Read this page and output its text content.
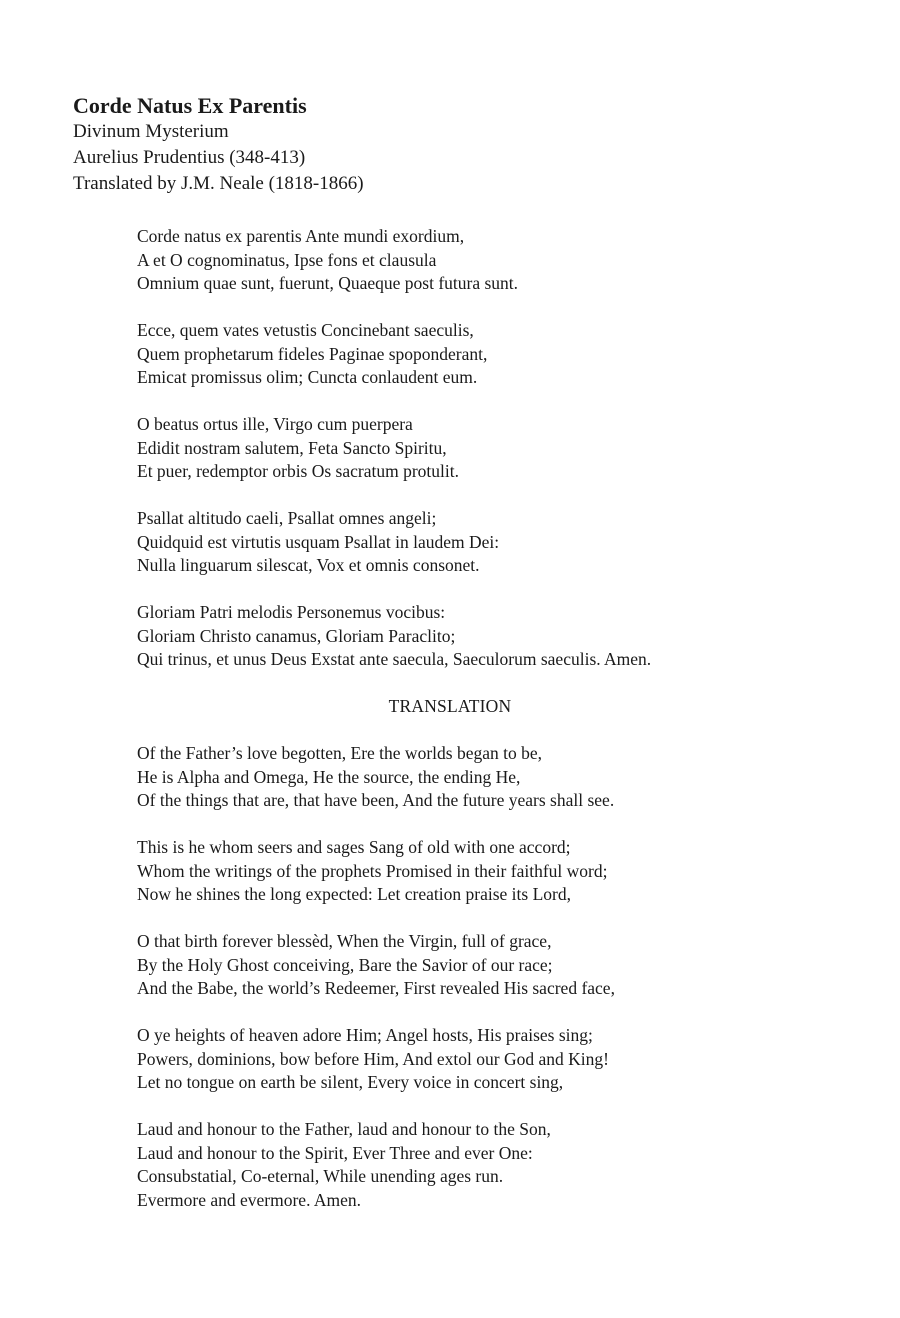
Corde Natus Ex Parentis

Divinum Mysterium

Aurelius Prudentius (348-413)

Translated by J.M. Neale (1818-1866)

Corde natus ex parentis Ante mundi exordium,

A et O cognominatus, Ipse fons et clausula

Omnium quae sunt, fuerunt, Quaeque post futura sunt.

Ecce, quem vates vetustis Concinebant saeculis,

Quem prophetarum fideles Paginae spoponderant,

Emicat promissus olim; Cuncta conlaudent eum.

O beatus ortus ille, Virgo cum puerpera

Edidit nostram salutem, Feta Sancto Spiritu,

Et puer, redemptor orbis Os sacratum protulit.

Psallat altitudo caeli, Psallat omnes angeli;

Quidquid est virtutis usquam Psallat in laudem Dei:

Nulla linguarum silescat, Vox et omnis consonet.

Gloriam Patri melodis Personemus vocibus:

Gloriam Christo canamus, Gloriam Paraclito;

Qui trinus, et unus Deus Exstat ante saecula, Saeculorum saeculis. Amen.

TRANSLATION

Of the Father’s love begotten, Ere the worlds began to be,

He is Alpha and Omega, He the source, the ending He,

Of the things that are, that have been, And the future years shall see.

This is he whom seers and sages Sang of old with one accord;

Whom the writings of the prophets Promised in their faithful word;

Now he shines the long expected: Let creation praise its Lord,

O that birth forever blessèd, When the Virgin, full of grace,

By the Holy Ghost conceiving, Bare the Savior of our race;

And the Babe, the world’s Redeemer, First revealed His sacred face,

O ye heights of heaven adore Him; Angel hosts, His praises sing;

Powers, dominions, bow before Him, And extol our God and King!

Let no tongue on earth be silent, Every voice in concert sing,

Laud and honour to the Father, laud and honour to the Son,

Laud and honour to the Spirit, Ever Three and ever One:

Consubstatial, Co-eternal, While unending ages run.

Evermore and evermore. Amen.
